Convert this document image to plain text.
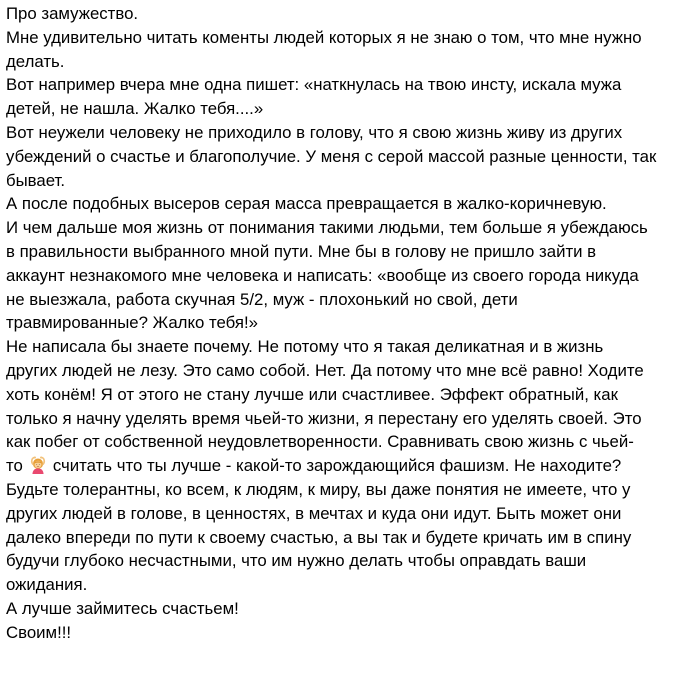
Про замужество.
Мне удивительно читать коменты людей которых я не знаю о том, что мне нужно
делать.
Вот например вчера мне одна пишет: «наткнулась на твою инсту, искала мужа
детей, не нашла. Жалко тебя....»
Вот неужели человеку не приходило в голову, что я свою жизнь живу из других
убеждений о счастье и благополучие. У меня с серой массой разные ценности, так
бывает.
А после подобных высеров серая масса превращается в жалко-коричневую.
И чем дальше моя жизнь от понимания такими людьми, тем больше я убеждаюсь
в правильности выбранного мной пути. Мне бы в голову не пришло зайти в
аккаунт незнакомого мне человека и написать: «вообще из своего города никуда
не выезжала, работа скучная 5/2, муж - плохонький но свой, дети
травмированные? Жалко тебя!»
Не написала бы знаете почему. Не потому что я такая деликатная и в жизнь
других людей не лезу. Это само собой. Нет. Да потому что мне всё равно! Ходите
хоть конём! Я от этого не стану лучше или счастливее. Эффект обратный, как
только я начну уделять время чьей-то жизни, я перестану его уделять своей. Это
как побег от собственной неудовлетворенности. Сравнивать свою жизнь с чьей-
то считать что ты лучше - какой-то зарождающийся фашизм. Не находите?
Будьте толерантны, ко всем, к людям, к миру, вы даже понятия не имеете, что у
других людей в голове, в ценностях, в мечтах и куда они идут. Быть может они
далеко впереди по пути к своему счастью, а вы так и будете кричать им в спину
будучи глубоко несчастными, что им нужно делать чтобы оправдать ваши
ожидания.
А лучше займитесь счастьем!
Своим!!!
